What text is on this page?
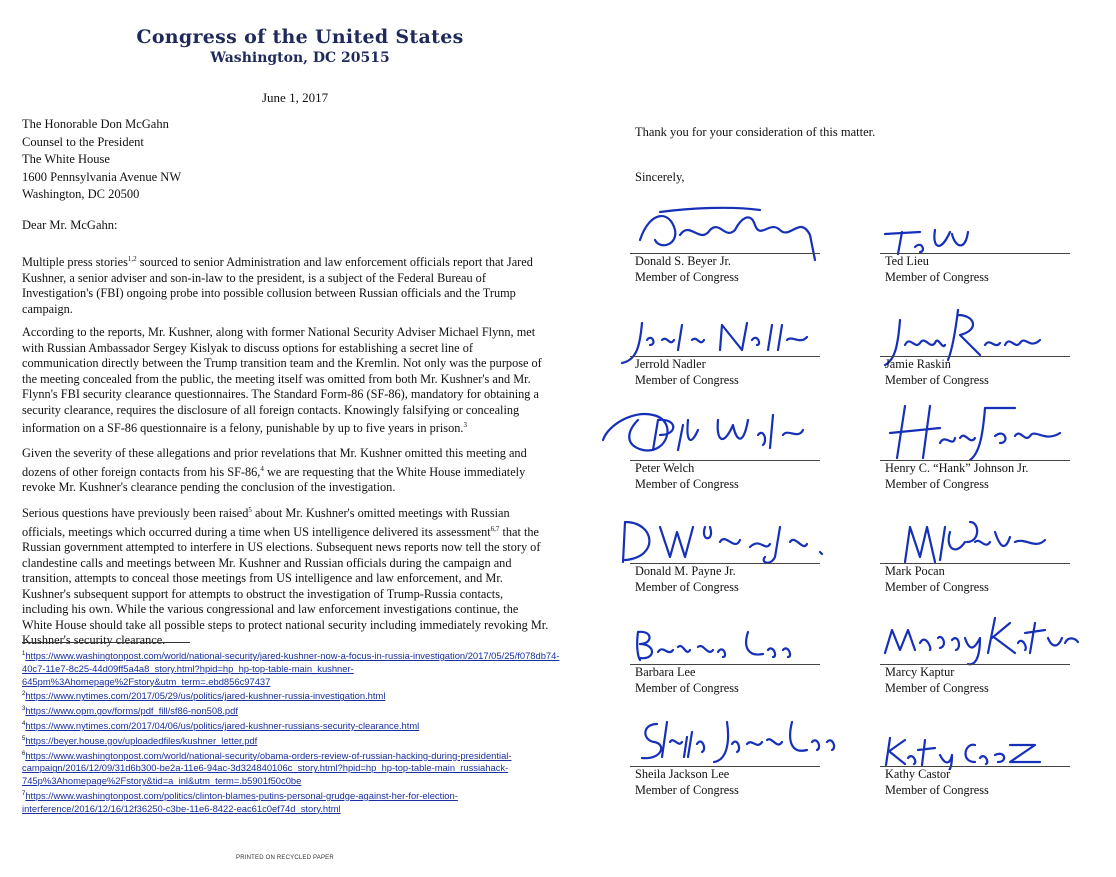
Congress of the United States
Washington, DC 20515
June 1, 2017
The Honorable Don McGahn
Counsel to the President
The White House
1600 Pennsylvania Avenue NW
Washington, DC 20500
Dear Mr. McGahn:
Multiple press stories$^{1,2}$ sourced to senior Administration and law enforcement officials report that Jared Kushner, a senior adviser and son-in-law to the president, is a subject of the Federal Bureau of Investigation's (FBI) ongoing probe into possible collusion between Russian officials and the Trump campaign.
According to the reports, Mr. Kushner, along with former National Security Adviser Michael Flynn, met with Russian Ambassador Sergey Kislyak to discuss options for establishing a secret line of communication directly between the Trump transition team and the Kremlin. Not only was the purpose of the meeting concealed from the public, the meeting itself was omitted from both Mr. Kushner's and Mr. Flynn's FBI security clearance questionnaires. The Standard Form-86 (SF-86), mandatory for obtaining a security clearance, requires the disclosure of all foreign contacts. Knowingly falsifying or concealing information on a SF-86 questionnaire is a felony, punishable by up to five years in prison.$^3$
Given the severity of these allegations and prior revelations that Mr. Kushner omitted this meeting and dozens of other foreign contacts from his SF-86,$^4$ we are requesting that the White House immediately revoke Mr. Kushner's clearance pending the conclusion of the investigation.
Serious questions have previously been raised$^5$ about Mr. Kushner's omitted meetings with Russian officials, meetings which occurred during a time when US intelligence delivered its assessment$^{6,7}$ that the Russian government attempted to interfere in US elections. Subsequent news reports now tell the story of clandestine calls and meetings between Mr. Kushner and Russian officials during the campaign and transition, attempts to conceal those meetings from US intelligence and law enforcement, and Mr. Kushner's subsequent support for attempts to obstruct the investigation of Trump-Russia contacts, including his own. While the various congressional and law enforcement investigations continue, the White House should take all possible steps to protect national security including immediately revoking Mr. Kushner's security clearance.
$^1$https://www.washingtonpost.com/world/national-security/jared-kushner-now-a-focus-in-russia-investigation/2017/05/25/f078db74-40c7-11e7-8c25-44d09ff5a4a8_story.html?hpid=hp_hp-top-table-main_kushner-645pm%3Ahomepage%2Fstory&utm_term=.ebd856c97437
$^2$https://www.nytimes.com/2017/05/29/us/politics/jared-kushner-russia-investigation.html
$^3$https://www.opm.gov/forms/pdf_fill/sf86-non508.pdf
$^4$https://www.nytimes.com/2017/04/06/us/politics/jared-kushner-russians-security-clearance.html
$^5$https://beyer.house.gov/uploadedfiles/kushner_letter.pdf
$^6$https://www.washingtonpost.com/world/national-security/obama-orders-review-of-russian-hacking-during-presidential-campaign/2016/12/09/31d6b300-be2a-11e6-94ac-3d324840106c_story.html?hpid=hp_hp-top-table-main_russiahack-745p%3Ahomepage%2Fstory&tid=a_inl&utm_term=.b5901f50c0be
$^7$https://www.washingtonpost.com/politics/clinton-blames-putins-personal-grudge-against-her-for-election-interference/2016/12/16/12f36250-c3be-11e6-8422-eac61c0ef74d_story.html
PRINTED ON RECYCLED PAPER
Thank you for your consideration of this matter.
Sincerely,
Donald S. Beyer Jr.
Member of Congress
Ted Lieu
Member of Congress
Jerrold Nadler
Member of Congress
Jamie Raskin
Member of Congress
Peter Welch
Member of Congress
Henry C. “Hank” Johnson Jr.
Member of Congress
Donald M. Payne Jr.
Member of Congress
Mark Pocan
Member of Congress
Barbara Lee
Member of Congress
Marcy Kaptur
Member of Congress
Sheila Jackson Lee
Member of Congress
Kathy Castor
Member of Congress
